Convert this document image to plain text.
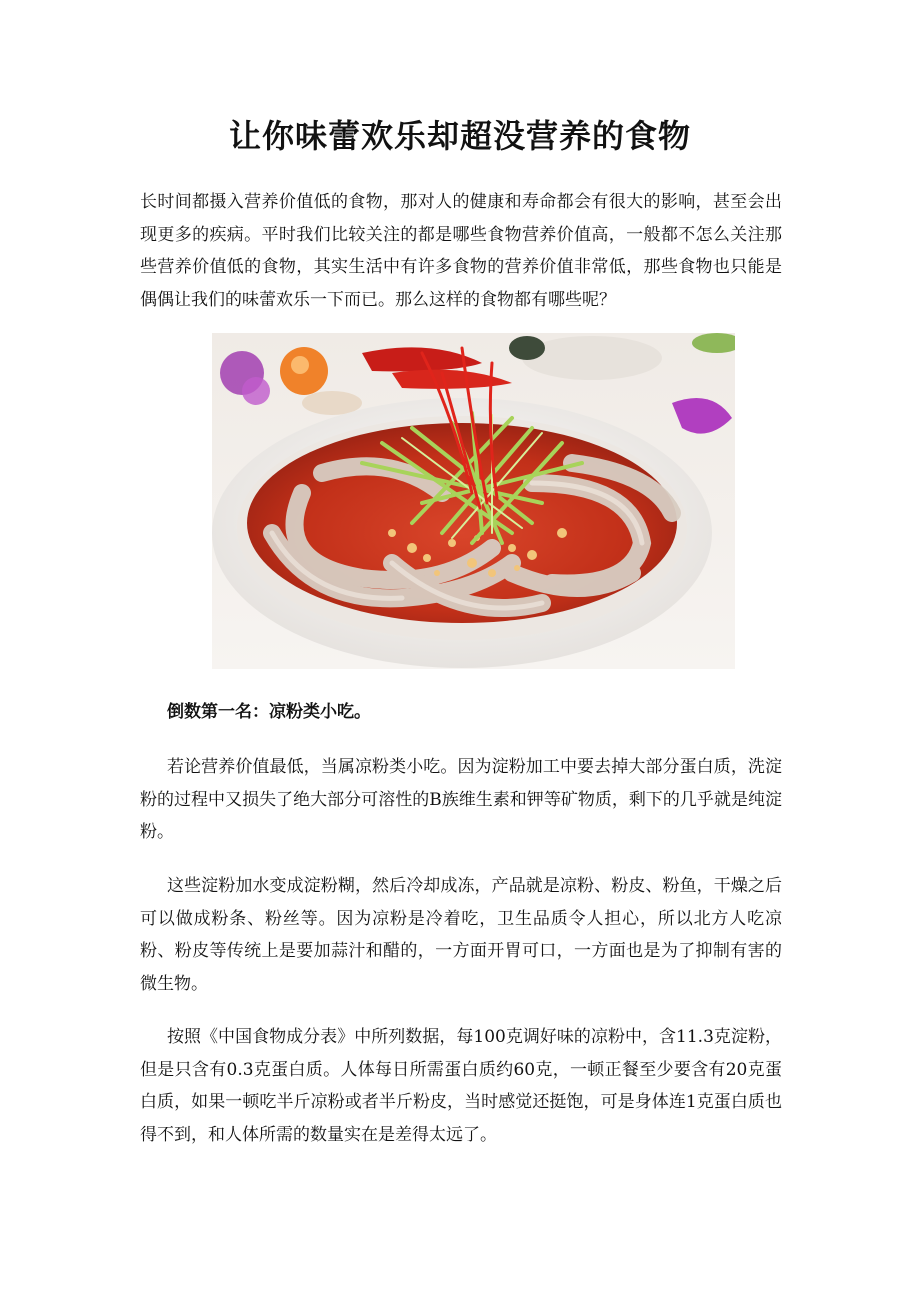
让你味蕾欢乐却超没营养的食物

长时间都摄入营养价值低的食物，那对人的健康和寿命都会有很大的影响，甚至会出现更多的疾病。平时我们比较关注的都是哪些食物营养价值高，一般都不怎么关注那些营养价值低的食物，其实生活中有许多食物的营养价值非常低，那些食物也只能是偶偶让我们的味蕾欢乐一下而已。那么这样的食物都有哪些呢？

倒数第一名：凉粉类小吃。

若论营养价值最低，当属凉粉类小吃。因为淀粉加工中要去掉大部分蛋白质，洗淀粉的过程中又损失了绝大部分可溶性的B族维生素和钾等矿物质，剩下的几乎就是纯淀粉。

这些淀粉加水变成淀粉糊，然后冷却成冻，产品就是凉粉、粉皮、粉鱼，干燥之后可以做成粉条、粉丝等。因为凉粉是冷着吃，卫生品质令人担心，所以北方人吃凉粉、粉皮等传统上是要加蒜汁和醋的，一方面开胃可口，一方面也是为了抑制有害的微生物。

按照《中国食物成分表》中所列数据，每100克调好味的凉粉中，含11.3克淀粉，但是只含有0.3克蛋白质。人体每日所需蛋白质约60克，一顿正餐至少要含有20克蛋白质，如果一顿吃半斤凉粉或者半斤粉皮，当时感觉还挺饱，可是身体连1克蛋白质也得不到，和人体所需的数量实在是差得太远了。
